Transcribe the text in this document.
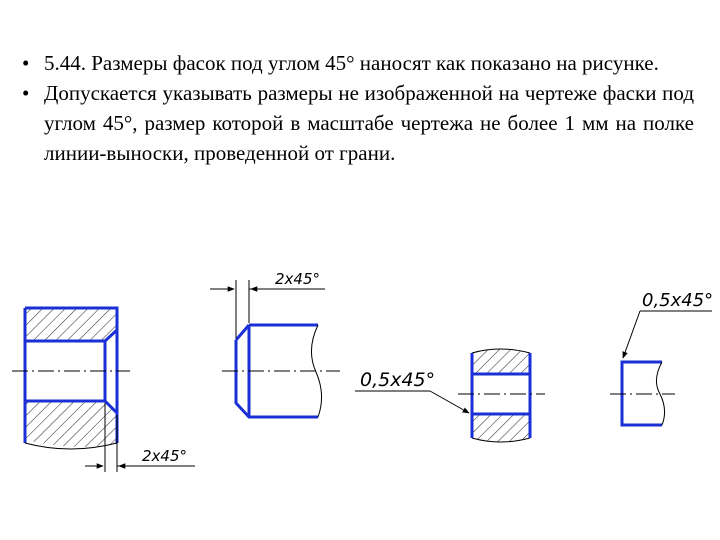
• 5.44. Размеры фасок под углом 45° наносят как показано на рисунке.
• Допускается указывать размеры не изображенной на чертеже фаски под углом 45°, размер которой в масштабе чертежа не более 1 мм на полке линии-выноски, проведенной от грани.
2x45°
2x45°
0,5x45°
0,5x45°
